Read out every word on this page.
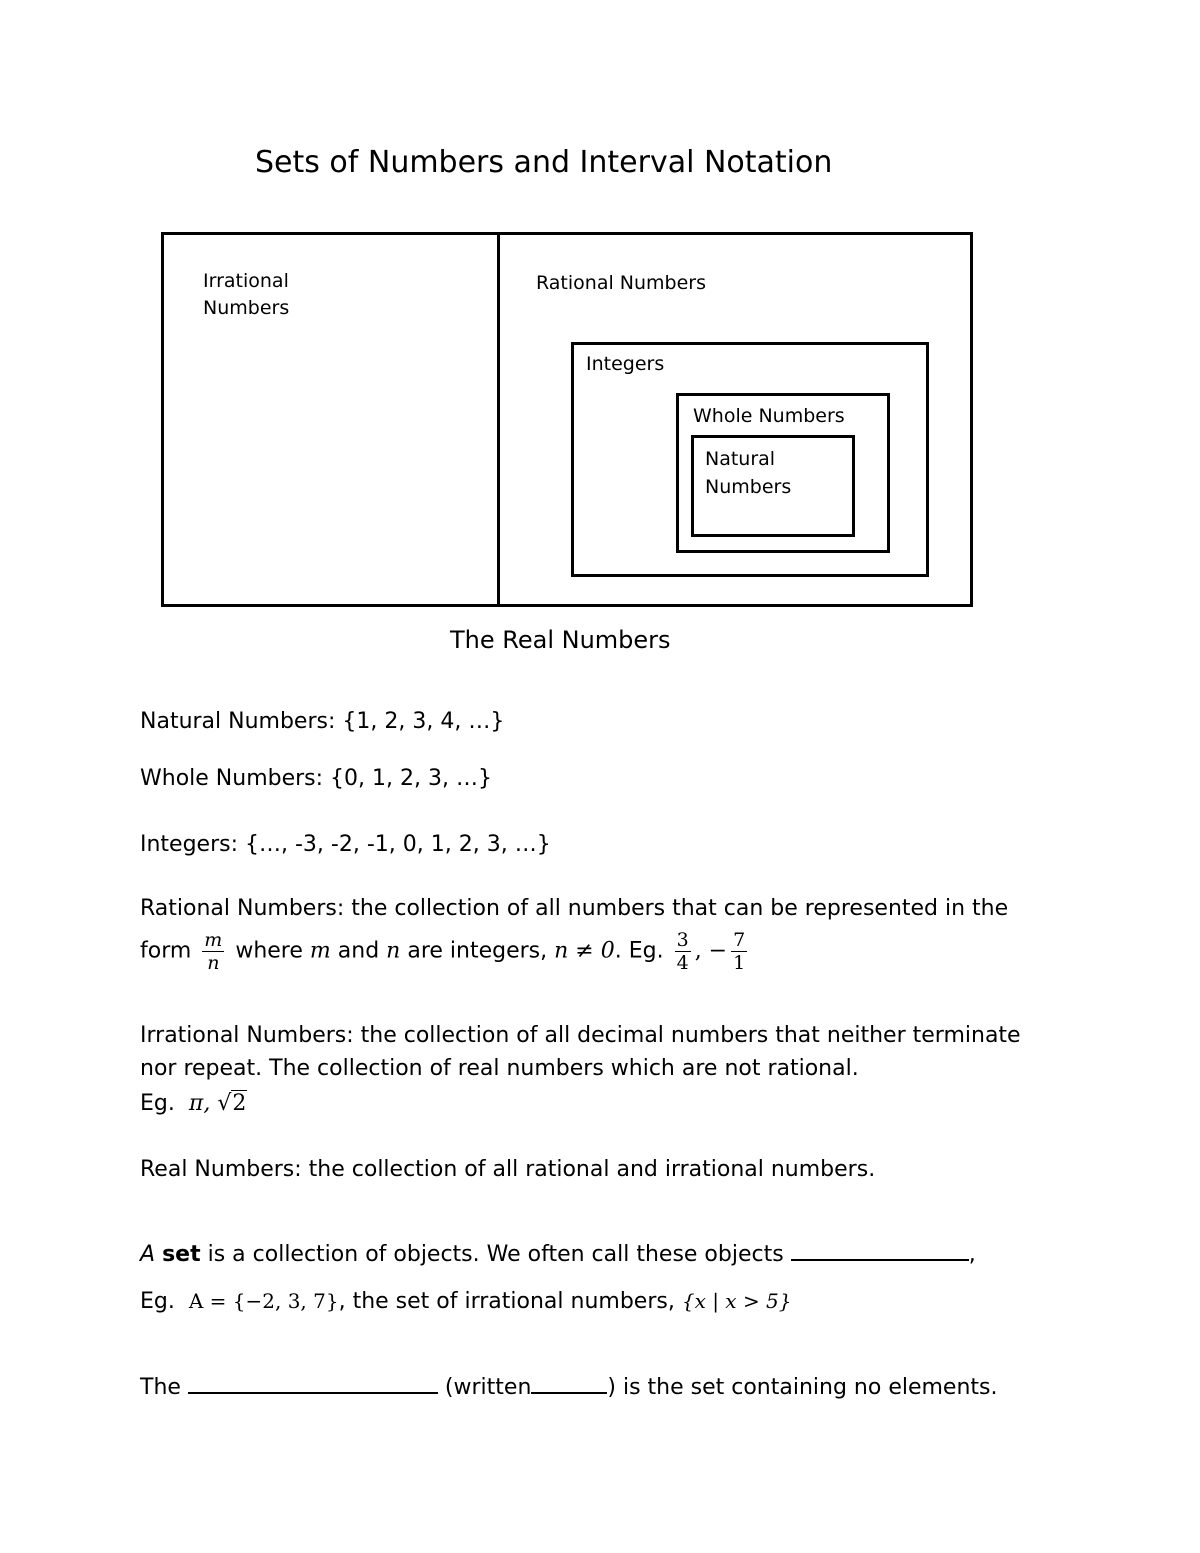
Sets of Numbers and Interval Notation
Irrational
Numbers
Rational Numbers
Integers
Whole Numbers
Natural
Numbers
The Real Numbers
Natural Numbers: {1, 2, 3, 4, …}
Whole Numbers: {0, 1, 2, 3, …}
Integers: {…, -3, -2, -1, 0, 1, 2, 3, …}
Rational Numbers: the collection of all numbers that can be represented in the
form $\frac{m}{n}$ where m and n are integers, n ≠ 0. Eg. $\frac{3}{4}$ , − $\frac{7}{1}$
Irrational Numbers: the collection of all decimal numbers that neither terminate
nor repeat. The collection of real numbers which are not rational.
Eg. π, √2
Real Numbers: the collection of all rational and irrational numbers.
A set is a collection of objects. We often call these objects	,
Eg. A = {−2, 3, 7}, the set of irrational numbers, {x | x > 5}
The	(written	) is the set containing no elements.
